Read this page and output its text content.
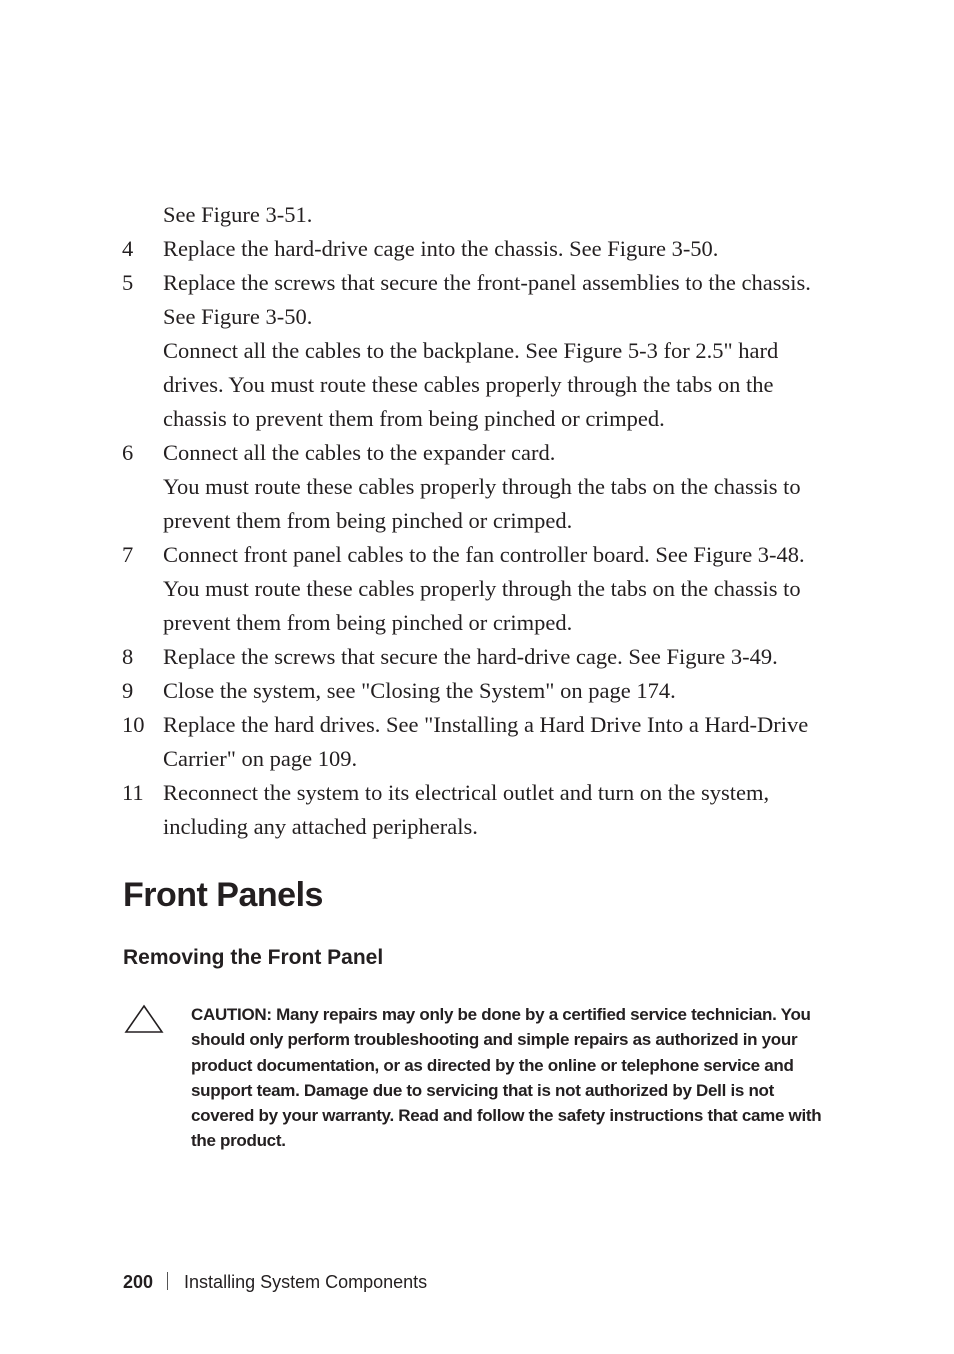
See Figure 3-51.
4 Replace the hard-drive cage into the chassis. See Figure 3-50.
5 Replace the screws that secure the front-panel assemblies to the chassis.
See Figure 3-50.
Connect all the cables to the backplane. See Figure 5-3 for 2.5" hard
drives. You must route these cables properly through the tabs on the
chassis to prevent them from being pinched or crimped.
6 Connect all the cables to the expander card.
You must route these cables properly through the tabs on the chassis to
prevent them from being pinched or crimped.
7 Connect front panel cables to the fan controller board. See Figure 3-48.
You must route these cables properly through the tabs on the chassis to
prevent them from being pinched or crimped.
8 Replace the screws that secure the hard-drive cage. See Figure 3-49.
9 Close the system, see "Closing the System" on page 174.
10 Replace the hard drives. See "Installing a Hard Drive Into a Hard-Drive
Carrier" on page 109.
11 Reconnect the system to its electrical outlet and turn on the system,
including any attached peripherals.
Front Panels
Removing the Front Panel
CAUTION: Many repairs may only be done by a certified service technician. You
should only perform troubleshooting and simple repairs as authorized in your
product documentation, or as directed by the online or telephone service and
support team. Damage due to servicing that is not authorized by Dell is not
covered by your warranty. Read and follow the safety instructions that came with
the product.
200 Installing System Components
